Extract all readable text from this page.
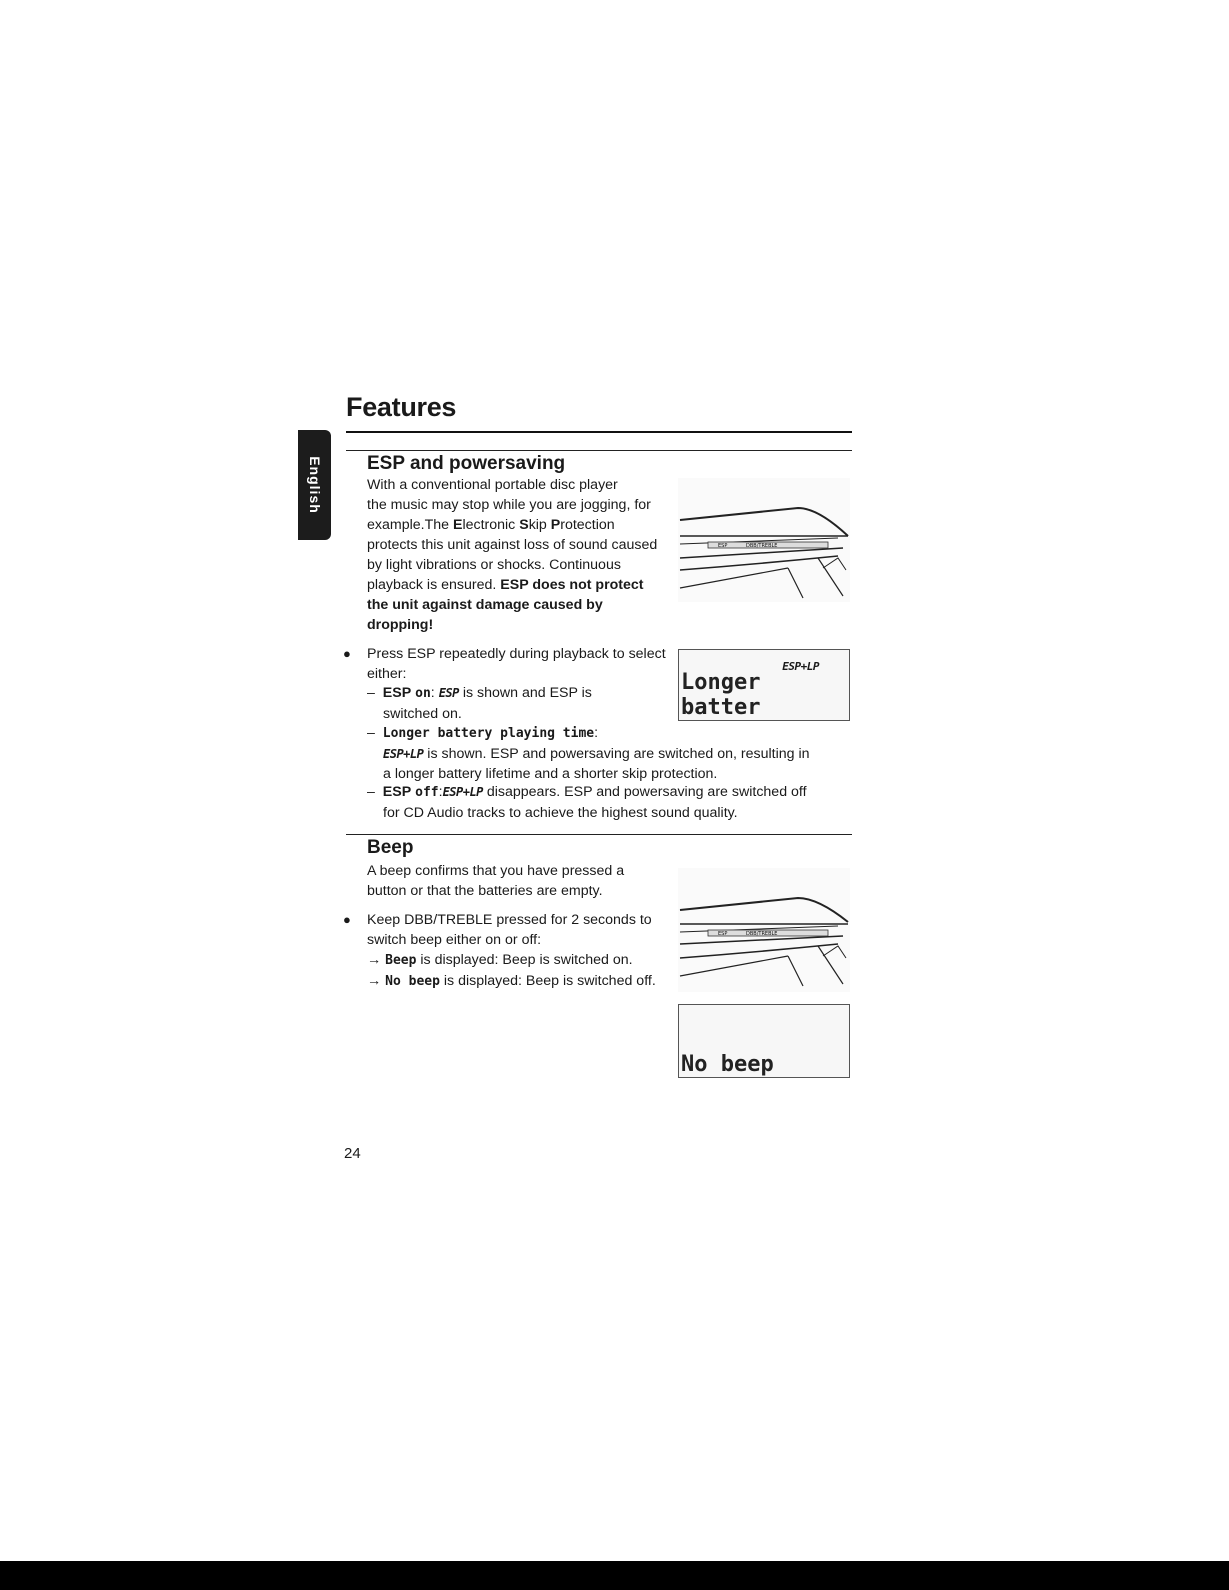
English
Features
ESP and powersaving
With a conventional portable disc player
the music may stop while you are jogging, for
example.The Electronic Skip Protection
protects this unit against loss of sound caused
by light vibrations or shocks. Continuous
playback is ensured. ESP does not protect
the unit against damage caused by
dropping!
● Press ESP repeatedly during playback to select
either:
– ESP on: ESP is shown and ESP is
switched on.
– Longer battery playing time:
ESP+LP is shown. ESP and powersaving are switched on, resulting in
a longer battery lifetime and a shorter skip protection.
– ESP off:ESP+LP disappears. ESP and powersaving are switched off
for CD Audio tracks to achieve the highest sound quality.
Beep
A beep confirms that you have pressed a
button or that the batteries are empty.
● Keep DBB/TREBLE pressed for 2 seconds to
switch beep either on or off:
→ Beep is displayed: Beep is switched on.
→ No beep is displayed: Beep is switched off.
ESP	DBB/TREBLE
ESP+LP
Longer batter
ESP	DBB/TREBLE
No beep
24
